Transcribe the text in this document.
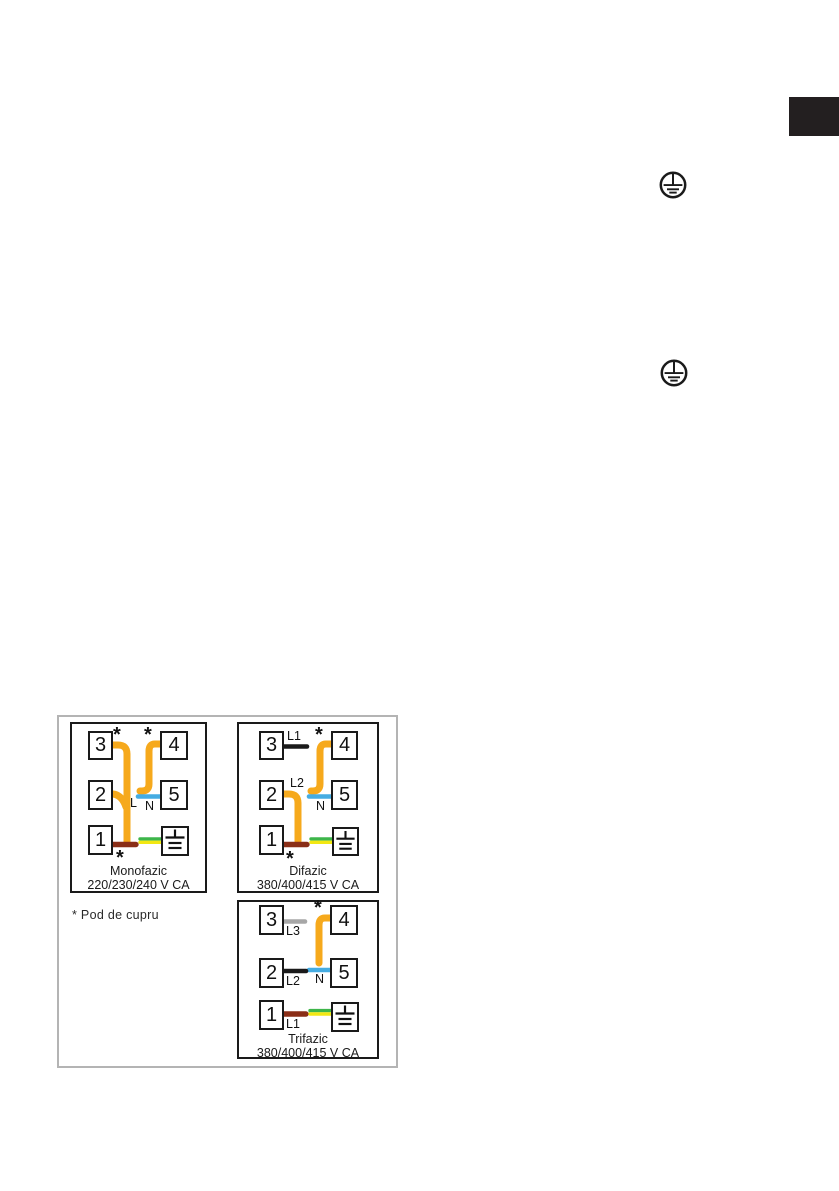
3	4
2	5
1
3	4
2	5
1
3	4
2	5
1
* *
L N
*
Monofazic
220/230/240 V CA
L1 *
L2
N
*
Difazic
380/400/415 V CA
*
L3
L2 N
L1
Trifazic
380/400/415 V CA
* Pod de cupru
